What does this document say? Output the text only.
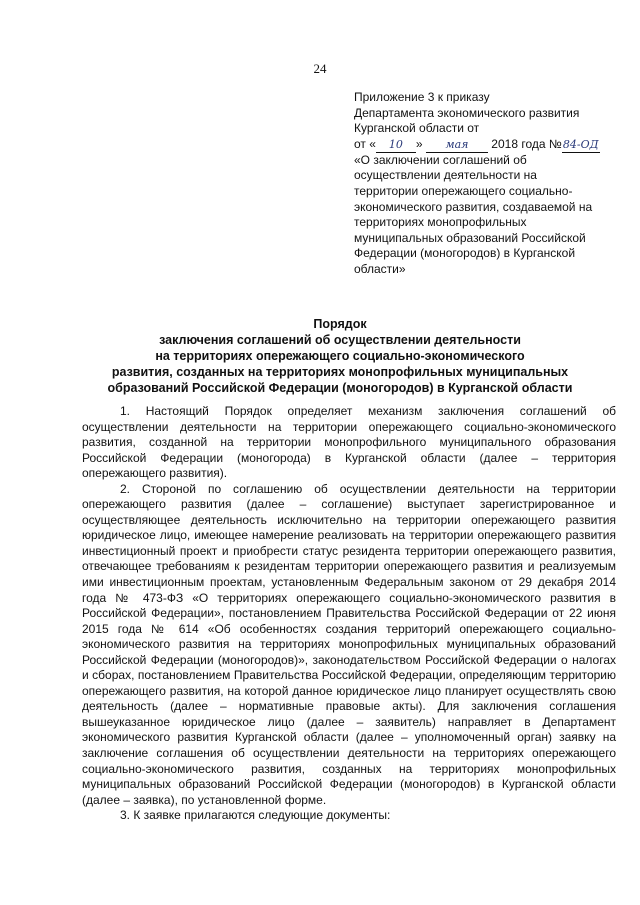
24
Приложение 3 к приказу
Департамента экономического развития
Курганской области от
от « 10 » мая 2018 года №84-ОД
«О заключении соглашений об
осуществлении деятельности на
территории опережающего социально-
экономического развития, создаваемой на
территориях монопрофильных
муниципальных образований Российской
Федерации (моногородов) в Курганской
области»
Порядок
заключения соглашений об осуществлении деятельности
на территориях опережающего социально-экономического
развития, созданных на территориях монопрофильных муниципальных
образований Российской Федерации (моногородов) в Курганской области

1. Настоящий Порядок определяет механизм заключения соглашений об осуществлении деятельности на территории опережающего социально-экономического развития, созданной на территории монопрофильного муниципального образования Российской Федерации (моногорода) в Курганской области (далее – территория опережающего развития).

2. Стороной по соглашению об осуществлении деятельности на территории опережающего развития (далее – соглашение) выступает зарегистрированное и осуществляющее деятельность исключительно на территории опережающего развития юридическое лицо, имеющее намерение реализовать на территории опережающего развития инвестиционный проект и приобрести статус резидента территории опережающего развития, отвечающее требованиям к резидентам территории опережающего развития и реализуемым ими инвестиционным проектам, установленным Федеральным законом от 29 декабря 2014 года № 473-ФЗ «О территориях опережающего социально-экономического развития в Российской Федерации», постановлением Правительства Российской Федерации от 22 июня 2015 года № 614 «Об особенностях создания территорий опережающего социально-экономического развития на территориях монопрофильных муниципальных образований Российской Федерации (моногородов)», законодательством Российской Федерации о налогах и сборах, постановлением Правительства Российской Федерации, определяющим территорию опережающего развития, на которой данное юридическое лицо планирует осуществлять свою деятельность (далее – нормативные правовые акты). Для заключения соглашения вышеуказанное юридическое лицо (далее – заявитель) направляет в Департамент экономического развития Курганской области (далее – уполномоченный орган) заявку на заключение соглашения об осуществлении деятельности на территориях опережающего социально-экономического развития, созданных на территориях монопрофильных муниципальных образований Российской Федерации (моногородов) в Курганской области (далее – заявка), по установленной форме.

3. К заявке прилагаются следующие документы:
